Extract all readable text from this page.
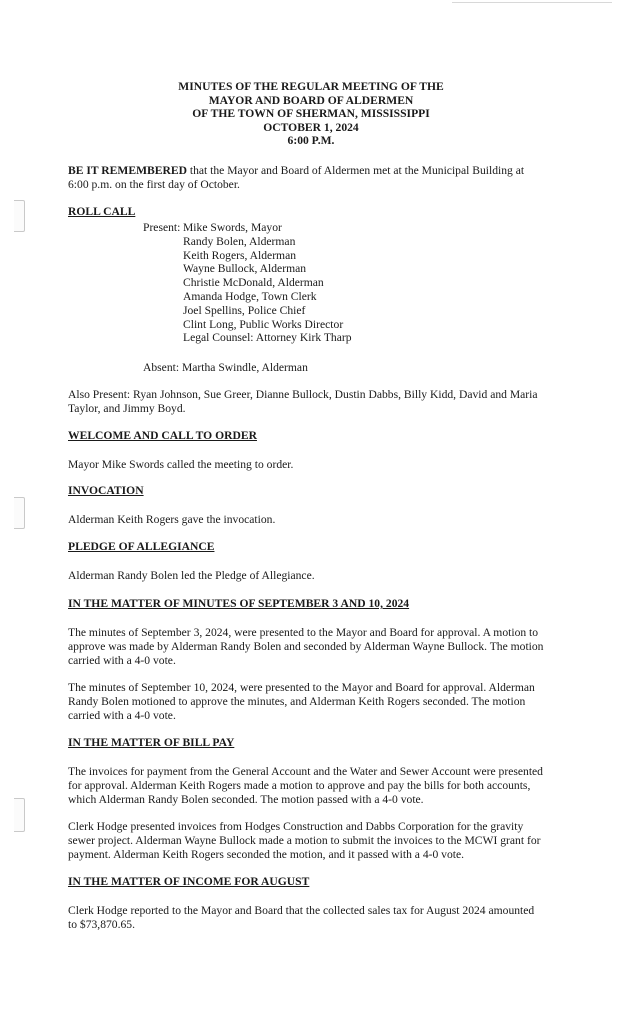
MINUTES OF THE REGULAR MEETING OF THE
MAYOR AND BOARD OF ALDERMEN
OF THE TOWN OF SHERMAN, MISSISSIPPI
OCTOBER 1, 2024
6:00 P.M.
BE IT REMEMBERED that the Mayor and Board of Aldermen met at the Municipal Building at
6:00 p.m. on the first day of October.
ROLL CALL
Present: Mike Swords, Mayor
Randy Bolen, Alderman
Keith Rogers, Alderman
Wayne Bullock, Alderman
Christie McDonald, Alderman
Amanda Hodge, Town Clerk
Joel Spellins, Police Chief
Clint Long, Public Works Director
Legal Counsel: Attorney Kirk Tharp
Absent: Martha Swindle, Alderman
Also Present: Ryan Johnson, Sue Greer, Dianne Bullock, Dustin Dabbs, Billy Kidd, David and Maria
Taylor, and Jimmy Boyd.
WELCOME AND CALL TO ORDER
Mayor Mike Swords called the meeting to order.
INVOCATION
Alderman Keith Rogers gave the invocation.
PLEDGE OF ALLEGIANCE
Alderman Randy Bolen led the Pledge of Allegiance.
IN THE MATTER OF MINUTES OF SEPTEMBER 3 AND 10, 2024
The minutes of September 3, 2024, were presented to the Mayor and Board for approval. A motion to
approve was made by Alderman Randy Bolen and seconded by Alderman Wayne Bullock. The motion
carried with a 4-0 vote.
The minutes of September 10, 2024, were presented to the Mayor and Board for approval. Alderman
Randy Bolen motioned to approve the minutes, and Alderman Keith Rogers seconded. The motion
carried with a 4-0 vote.
IN THE MATTER OF BILL PAY
The invoices for payment from the General Account and the Water and Sewer Account were presented
for approval. Alderman Keith Rogers made a motion to approve and pay the bills for both accounts,
which Alderman Randy Bolen seconded. The motion passed with a 4-0 vote.
Clerk Hodge presented invoices from Hodges Construction and Dabbs Corporation for the gravity
sewer project. Alderman Wayne Bullock made a motion to submit the invoices to the MCWI grant for
payment. Alderman Keith Rogers seconded the motion, and it passed with a 4-0 vote.
IN THE MATTER OF INCOME FOR AUGUST
Clerk Hodge reported to the Mayor and Board that the collected sales tax for August 2024 amounted
to $73,870.65.
